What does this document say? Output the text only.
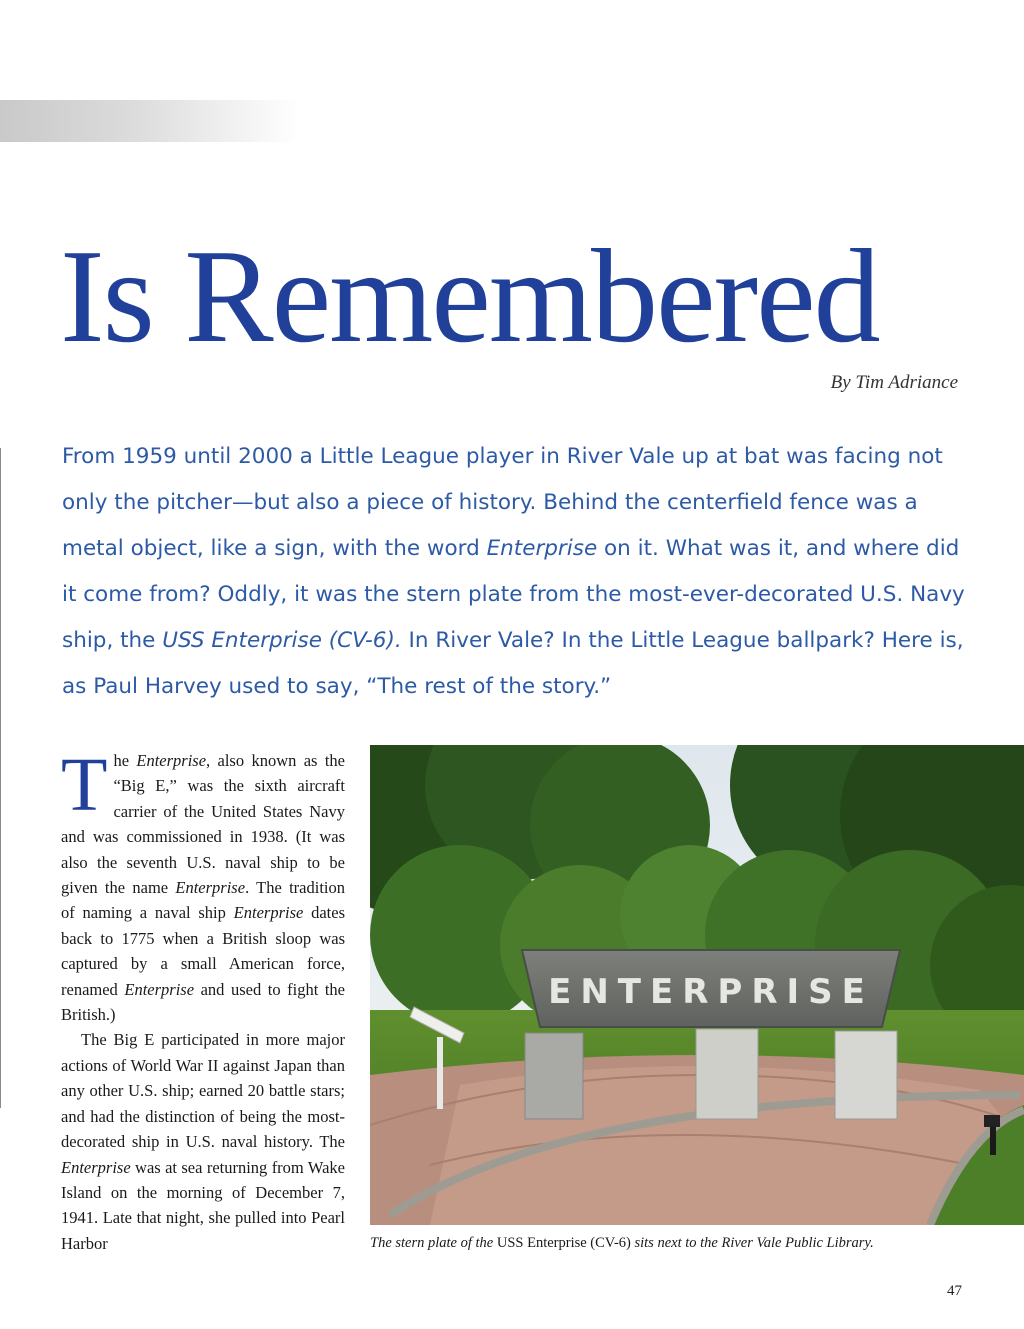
Is Remembered
By Tim Adriance

From 1959 until 2000 a Little League player in River Vale up at bat was facing not only the pitcher—but also a piece of history. Behind the centerfield fence was a metal object, like a sign, with the word Enterprise on it. What was it, and where did it come from? Oddly, it was the stern plate from the most-ever-decorated U.S. Navy ship, the USS Enterprise (CV-6). In River Vale? In the Little League ballpark? Here is, as Paul Harvey used to say, “The rest of the story.”

The Enterprise, also known as the “Big E,” was the sixth aircraft carrier of the United States Navy and was commissioned in 1938. (It was also the seventh U.S. naval ship to be given the name Enterprise. The tradition of naming a naval ship Enterprise dates back to 1775 when a British sloop was captured by a small American force, renamed Enterprise and used to fight the British.)

The Big E participated in more major actions of World War II against Japan than any other U.S. ship; earned 20 battle stars; and had the distinction of being the most-decorated ship in U.S. naval history. The Enterprise was at sea returning from Wake Island on the morning of December 7, 1941. Late that night, she pulled into Pearl Harbor

ENTERPRISE
The stern plate of the USS Enterprise (CV-6) sits next to the River Vale Public Library.
47
